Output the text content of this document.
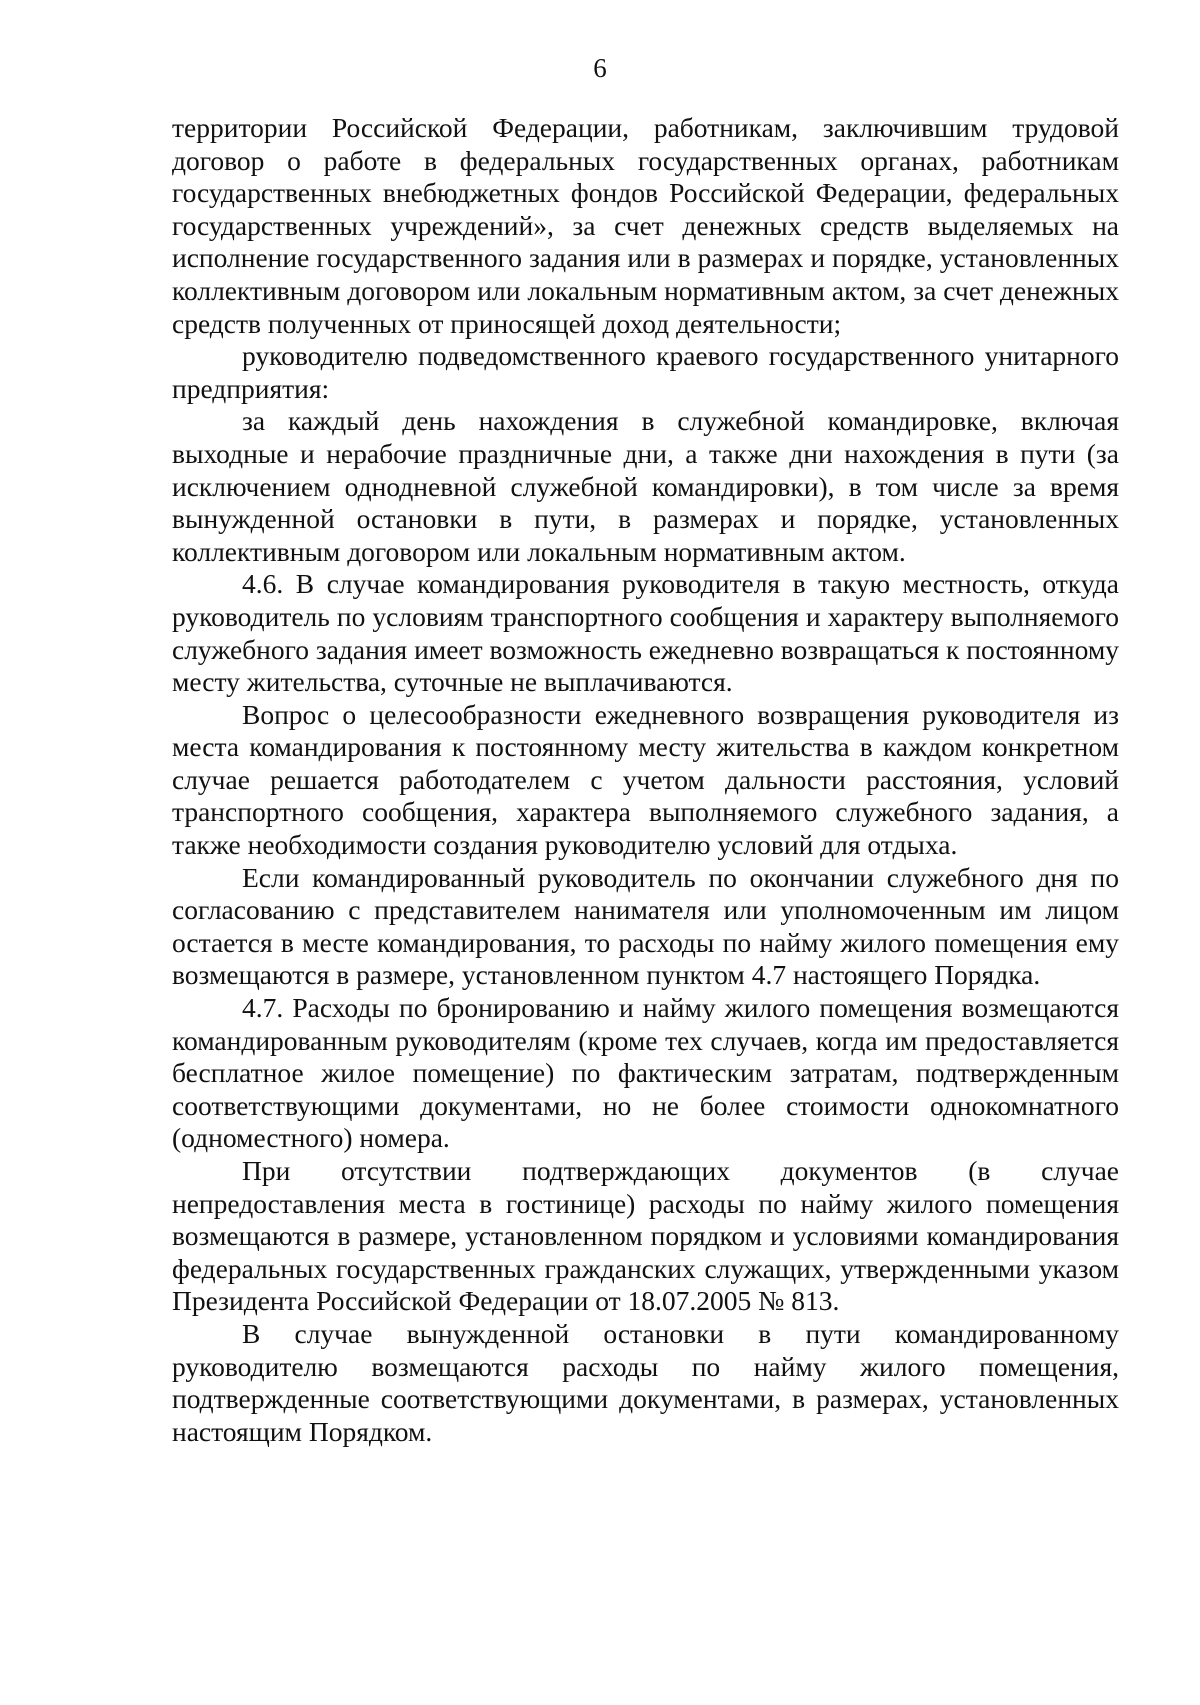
6

территории Российской Федерации, работникам, заключившим трудовой договор о работе в федеральных государственных органах, работникам государственных внебюджетных фондов Российской Федерации, федеральных государственных учреждений», за счет денежных средств выделяемых на исполнение государственного задания или в размерах и порядке, установленных коллективным договором или локальным нормативным актом, за счет денежных средств полученных от приносящей доход деятельности;

руководителю подведомственного краевого государственного унитарного предприятия:

за каждый день нахождения в служебной командировке, включая выходные и нерабочие праздничные дни, а также дни нахождения в пути (за исключением однодневной служебной командировки), в том числе за время вынужденной остановки в пути, в размерах и порядке, установленных коллективным договором или локальным нормативным актом.

4.6. В случае командирования руководителя в такую местность, откуда руководитель по условиям транспортного сообщения и характеру выполняемого служебного задания имеет возможность ежедневно возвращаться к постоянному месту жительства, суточные не выплачиваются.

Вопрос о целесообразности ежедневного возвращения руководителя из места командирования к постоянному месту жительства в каждом конкретном случае решается работодателем с учетом дальности расстояния, условий транспортного сообщения, характера выполняемого служебного задания, а также необходимости создания руководителю условий для отдыха.

Если командированный руководитель по окончании служебного дня по согласованию с представителем нанимателя или уполномоченным им лицом остается в месте командирования, то расходы по найму жилого помещения ему возмещаются в размере, установленном пунктом 4.7 настоящего Порядка.

4.7. Расходы по бронированию и найму жилого помещения возмещаются командированным руководителям (кроме тех случаев, когда им предоставляется бесплатное жилое помещение) по фактическим затратам, подтвержденным соответствующими документами, но не более стоимости однокомнатного (одноместного) номера.

При отсутствии подтверждающих документов (в случае непредоставления места в гостинице) расходы по найму жилого помещения возмещаются в размере, установленном порядком и условиями командирования федеральных государственных гражданских служащих, утвержденными указом Президента Российской Федерации от 18.07.2005 № 813.

В случае вынужденной остановки в пути командированному руководителю возмещаются расходы по найму жилого помещения, подтвержденные соответствующими документами, в размерах, установленных настоящим Порядком.
